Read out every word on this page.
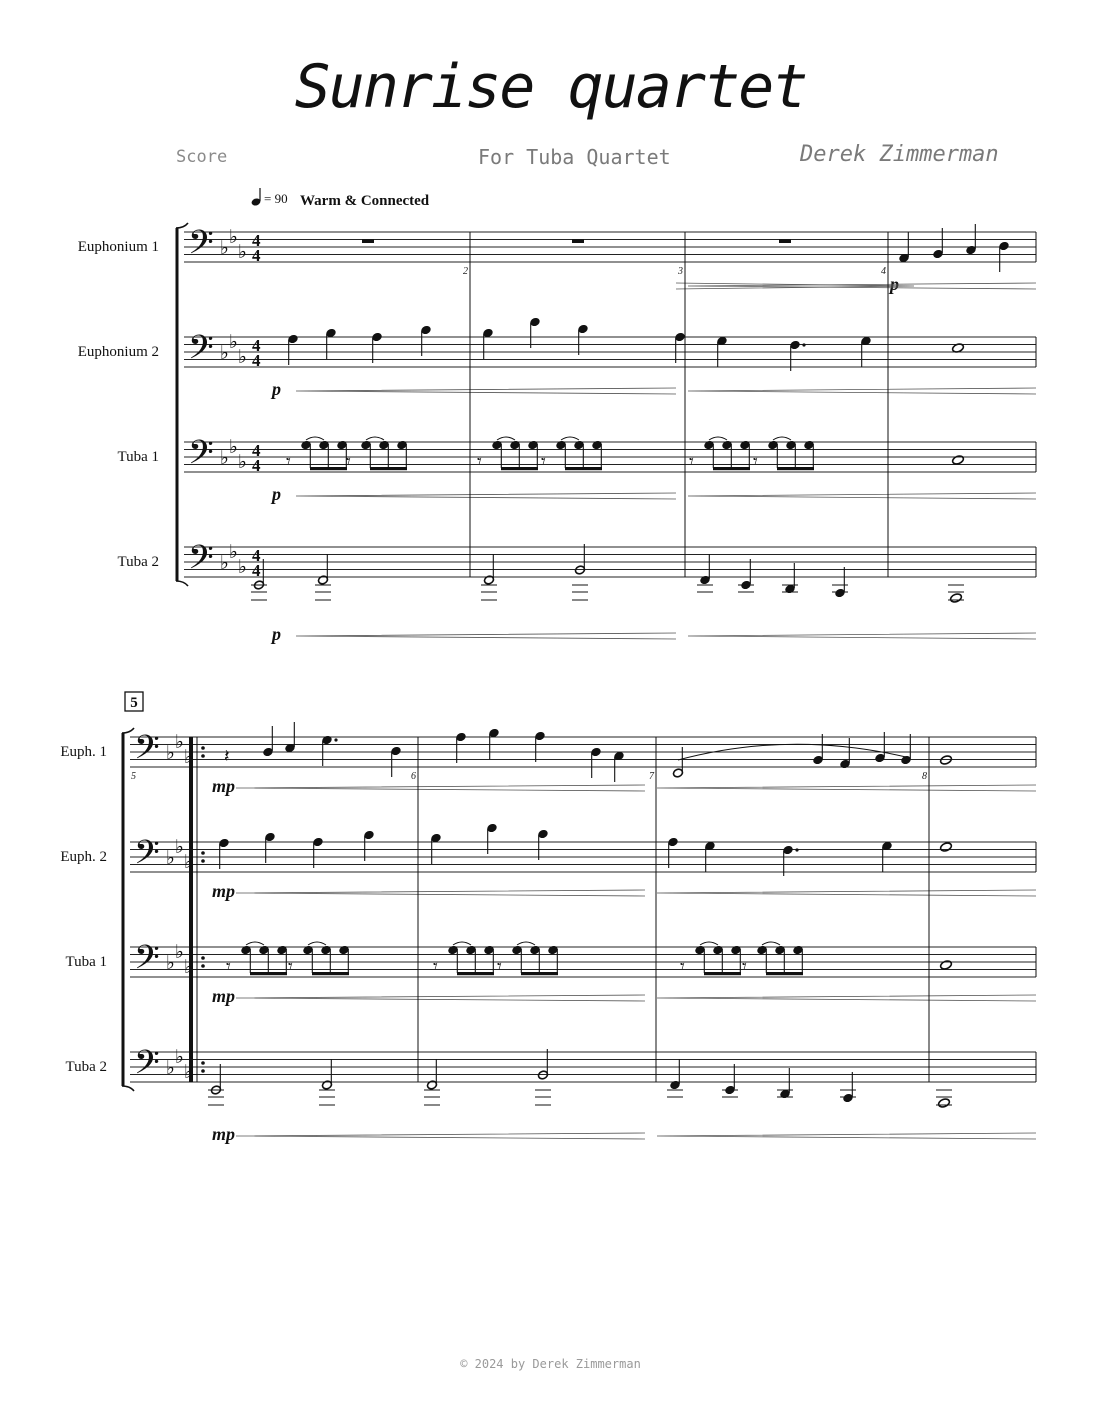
Sunrise quartet
Score	For Tuba Quartet	Derek Zimmerman
= 90 Warm & Connected
5
Euphonium 1 𝄢 ♭ ♭
♭
4
4
p
Euphonium 2 𝄢 ♭ ♭
♭
4
4
p
Tuba 1 𝄢 ♭ ♭
♭
4
4
p
Tuba 2 𝄢 ♭ ♭
♭
4
4
p
2	3	4
𝄾	𝄾	𝄾	𝄾	𝄾	𝄾
Euph. 1 𝄢 ♭ ♭
♭
mp
Euph. 2 𝄢 ♭ ♭
♭
mp
Tuba 1 𝄢 ♭ ♭
♭
mp
Tuba 2 𝄢 ♭ ♭
♭
mp
5	6	7	8
𝄽
𝄾	𝄾	𝄾	𝄾	𝄾	𝄾
© 2024 by Derek Zimmerman
